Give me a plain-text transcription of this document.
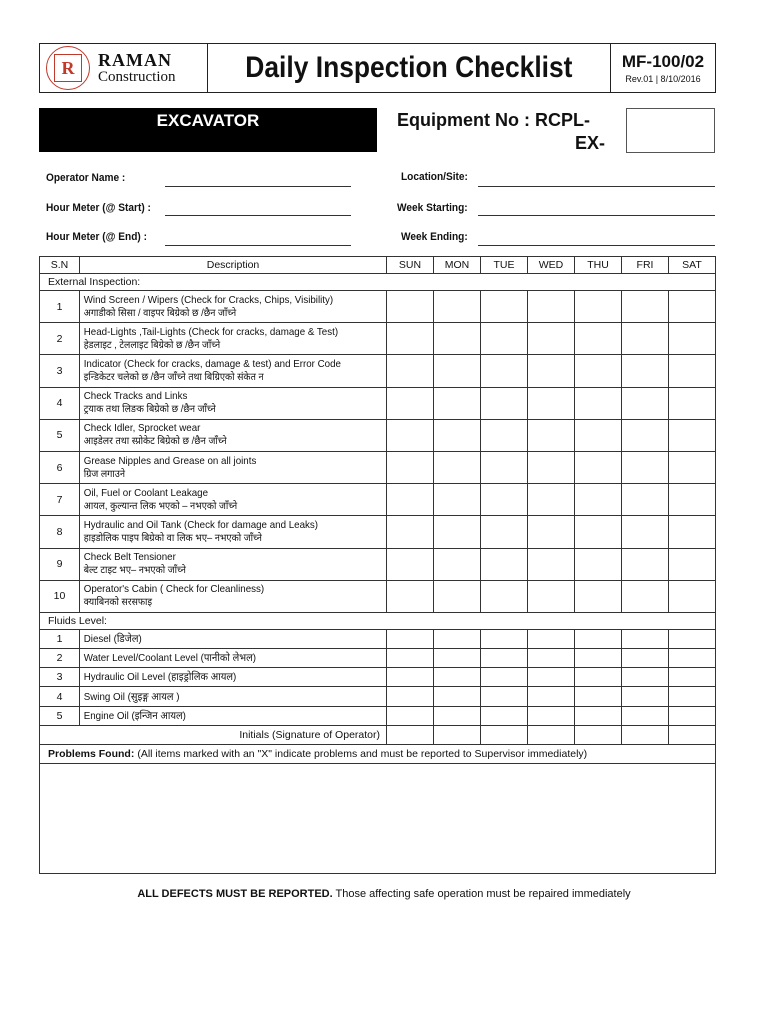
R RAMAN
Construction Daily Inspection Checklist	MF-100/02
Rev.01 | 8/10/2016
EXCAVATOR	Equipment No : RCPL-
EX-
Operator Name :	Location/Site:
Hour Meter (@ Start) :	Week Starting:
Hour Meter (@ End) :	Week Ending:
S.N	Description	SUN	MON	TUE	WED	THU	FRI	SAT
External Inspection:								
1	Wind Screen / Wipers (Check for Cracks, Chips, Visibility)
अगाडीको सिसा / वाइपर बिग्रेको छ /छैन जाँच्ने							

2	Head-Lights ,Tail-Lights (Check for cracks, damage & Test)
हेडलाइट , टेललाइट बिग्रेको छ /छैन जाँच्ने							

3	Indicator (Check for cracks, damage & test) and Error Code
इन्डिकेटर चलेको छ /छैन जाँच्ने तथा बिग्रिएको संकेत न							

4	Check Tracks and Links
ट्रयाक तथा लिङक बिग्रेको छ /छैन जाँच्ने							

5	Check Idler, Sprocket wear
आइडेलर तथा स्प्रोकेट बिग्रेको छ /छैन जाँच्ने							

6	Grease Nipples and Grease on all joints
ग्रिज लगाउने							

7	Oil, Fuel or Coolant Leakage
आयल, कुल्यान्त लिक भएको – नभएको जाँच्ने							

8	Hydraulic and Oil Tank (Check for damage and Leaks)
हाइडोलिक पाइप बिग्रेको वा लिक भए– नभएको जाँच्ने							

9	Check Belt Tensioner
बेल्ट टाइट भए– नभएको जाँच्ने							

10	Operator's Cabin ( Check for Cleanliness)
क्याबिनको सरसफाइ							

Fluids Level:								
1	Diesel (डिजेल)							

2	Water Level/Coolant Level (पानीको लेभल)							

3	Hydraulic Oil Level (हाइड्रोलिक आयल)							

4	Swing Oil (सुइङ्ग आयल )							

5	Engine Oil (इन्जिन आयल)							

Initials (Signature of Operator)								
Problems Found: (All items marked with an "X" indicate problems and must be reported to Supervisor immediately)								

ALL DEFECTS MUST BE REPORTED. Those affecting safe operation must be repaired immediately
